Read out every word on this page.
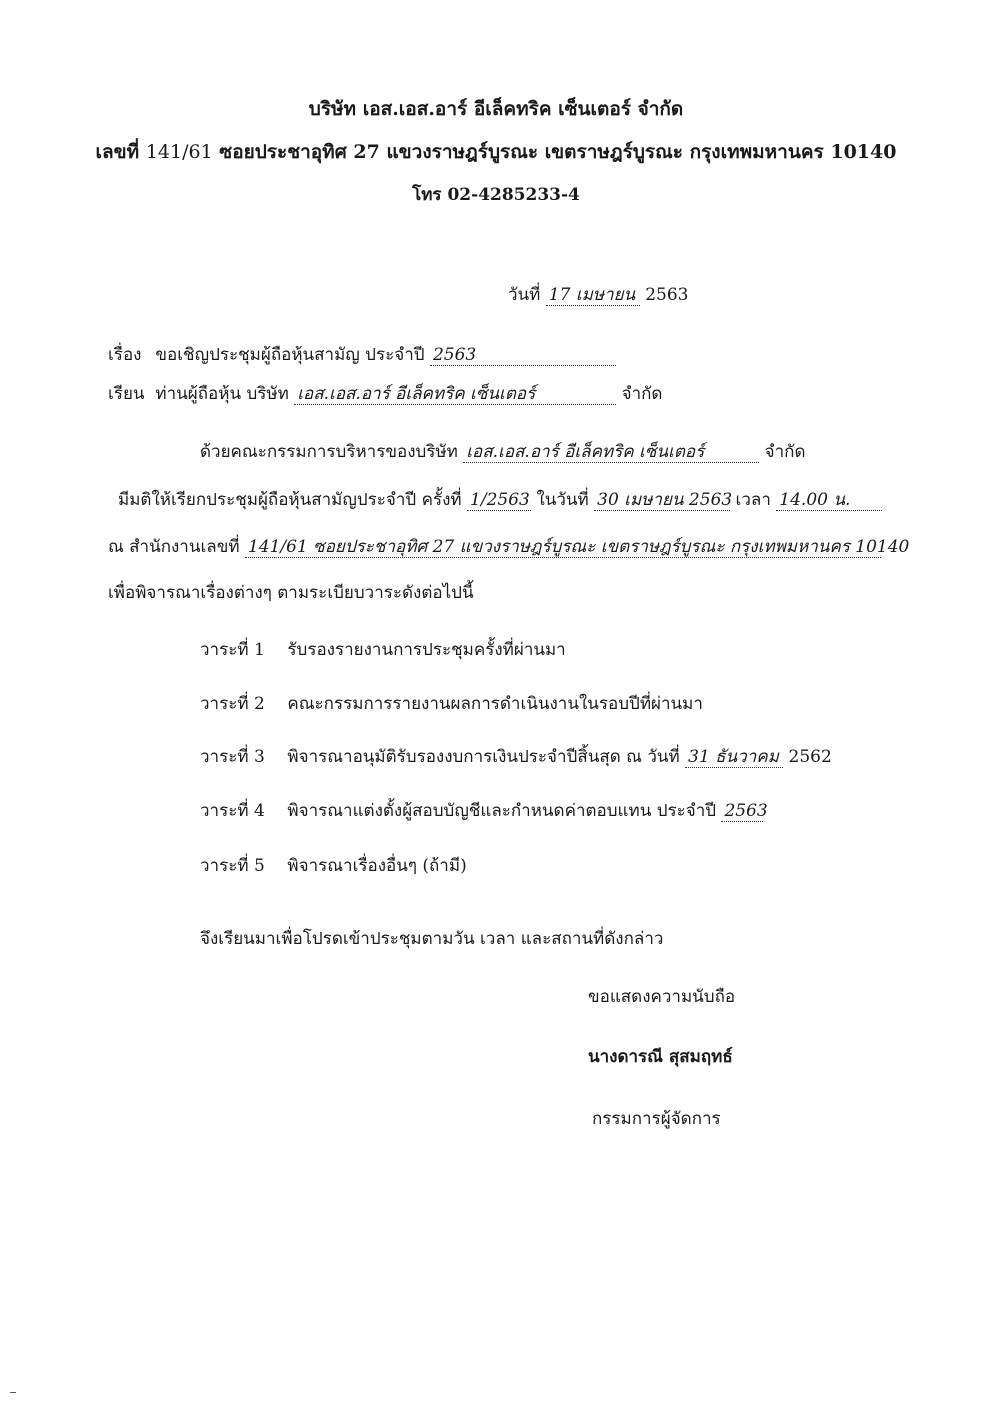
บริษัท เอส.เอส.อาร์ อีเล็คทริค เซ็นเตอร์ จำกัด
เลขที่ 141/61 ซอยประชาอุทิศ 27 แขวงราษฎร์บูรณะ เขตราษฎร์บูรณะ กรุงเทพมหานคร 10140
โทร 02-4285233-4
วันที่ 17 เมษายน 2563
เรื่อง ขอเชิญประชุมผู้ถือหุ้นสามัญ ประจำปี 2563
เรียน ท่านผู้ถือหุ้น บริษัท เอส.เอส.อาร์ อีเล็คทริค เซ็นเตอร์	จำกัด
ด้วยคณะกรรมการบริหารของบริษัท เอส.เอส.อาร์ อีเล็คทริค เซ็นเตอร์	จำกัด
มีมติให้เรียกประชุมผู้ถือหุ้นสามัญประจำปี ครั้งที่ 1/2563 ในวันที่ 30 เมษายน 2563 เวลา 14.00 น.
ณ สำนักงานเลขที่ 141/61 ซอยประชาอุทิศ 27 แขวงราษฎร์บูรณะ เขตราษฎร์บูรณะ กรุงเทพมหานคร 10140
เพื่อพิจารณาเรื่องต่างๆ ตามระเบียบวาระดังต่อไปนี้
วาระที่ 1 รับรองรายงานการประชุมครั้งที่ผ่านมา
วาระที่ 2 คณะกรรมการรายงานผลการดำเนินงานในรอบปีที่ผ่านมา
วาระที่ 3 พิจารณาอนุมัติรับรองงบการเงินประจำปีสิ้นสุด ณ วันที่ 31 ธันวาคม 2562
วาระที่ 4 พิจารณาแต่งตั้งผู้สอบบัญชีและกำหนดค่าตอบแทน ประจำปี 2563
วาระที่ 5 พิจารณาเรื่องอื่นๆ (ถ้ามี)
จึงเรียนมาเพื่อโปรดเข้าประชุมตามวัน เวลา และสถานที่ดังกล่าว
ขอแสดงความนับถือ
นางดารณี สุสมฤทธ์
กรรมการผู้จัดการ
